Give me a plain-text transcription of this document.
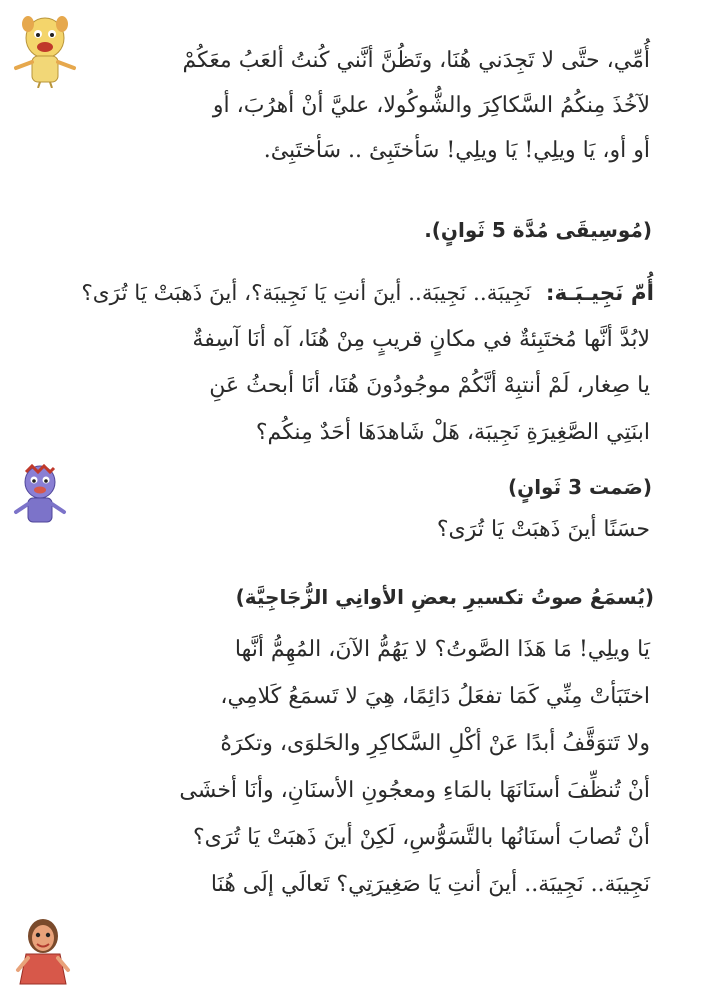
أُمِّي، حتَّى لا تَجِدَني هُنَا، وتَظُنَّ أنَّني كُنتُ ألعَبُ معَكُمْ
لآخُذَ مِنكُمُ السَّكاكِرَ والشُّوكُولا، عليَّ أنْ أهرُبَ، أو
أو أو، يَا ويلِي! يَا ويلِي! سَأختَبِئ .. سَأختَبِئ.
(مُوسِيقَى مُدَّة 5 ثَوانٍ).
أُمّ نَجِيـبَـة: نَجِيبَة.. نَجِيبَة.. أينَ أنتِ يَا نَجِيبَة؟، أينَ ذَهبَتْ يَا تُرَى؟
لابُدَّ أنَّها مُختَبِئةٌ في مكانٍ قريبٍ مِنْ هُنَا، آه أنَا آسِفةٌ
يا صِغار، لَمْ أنتبِهْ أنَّكُمْ موجُودُونَ هُنَا، أنَا أبحثُ عَنِ
ابنَتِي الصَّغِيرَةِ نَجِيبَة، هَلْ شَاهدَهَا أحَدٌ مِنكُم؟
(صَمت 3 ثَوانٍ)
حسَنًا أينَ ذَهبَتْ يَا تُرَى؟
(يُسمَعُ صوتُ تكسيرِ بعضِ الأوانِي الزُّجَاجِيَّة)
يَا ويلِي! مَا هَذَا الصَّوتُ؟ لا يَهُمُّ الآنَ، المُهِمُّ أنَّها
اختَبَأتْ مِنِّي كَمَا تفعَلُ دَائِمًا، هِيَ لا تَسمَعُ كَلامِي،
ولا تَتوَقَّفُ أبدًا عَنْ أكْلِ السَّكاكِرِ والحَلوَى، وتكرَهُ
أنْ تُنظِّفَ أسنَانَهَا بالمَاءِ ومعجُونِ الأسنَانِ، وأنَا أخشَى
أنْ تُصابَ أسنَانُها بالتَّسَوُّسِ، لَكِنْ أينَ ذَهبَتْ يَا تُرَى؟
نَجِيبَة.. نَجِيبَة.. أينَ أنتِ يَا صَغِيرَتِي؟ تَعالَي إلَى هُنَا
